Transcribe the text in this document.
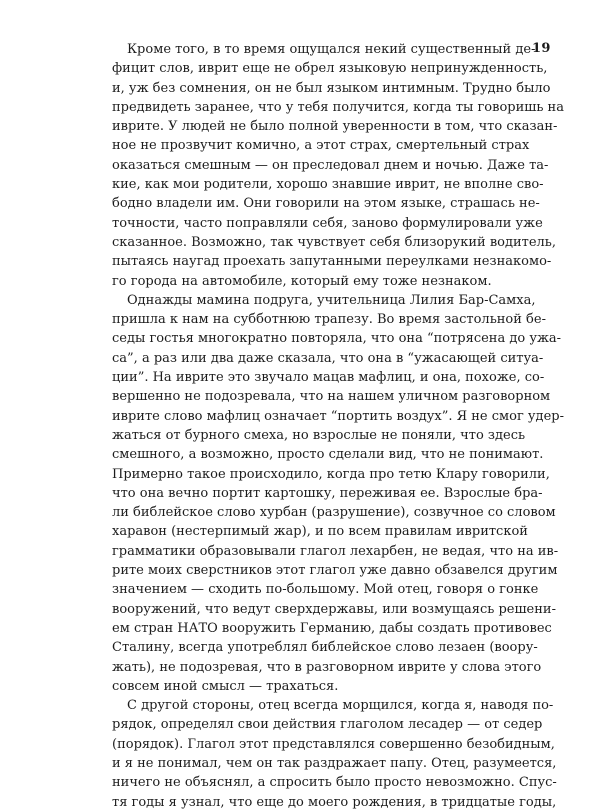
19
Кроме того, в то время ощущался некий существенный де-
фицит слов, иврит еще не обрел языковую непринужденность,
и, уж без сомнения, он не был языком интимным. Трудно было
предвидеть заранее, что у тебя получится, когда ты говоришь на
иврите. У людей не было полной уверенности в том, что сказан-
ное не прозвучит комично, а этот страх, смертельный страх
оказаться смешным — он преследовал днем и ночью. Даже та-
кие, как мои родители, хорошо знавшие иврит, не вполне сво-
бодно владели им. Они говорили на этом языке, страшась не-
точности, часто поправляли себя, заново формулировали уже
сказанное. Возможно, так чувствует себя близорукий водитель,
пытаясь наугад проехать запутанными переулками незнакомо-
го города на автомобиле, который ему тоже незнаком.
Однажды мамина подруга, учительница Лилия Бар-Самха,
пришла к нам на субботнюю трапезу. Во время застольной бе-
седы гостья многократно повторяла, что она “потрясена до ужа-
са”, а раз или два даже сказала, что она в “ужасающей ситуа-
ции”. На иврите это звучало мацав мафлиц, и она, похоже, со-
вершенно не подозревала, что на нашем уличном разговорном
иврите слово мафлиц означает “портить воздух”. Я не смог удер-
жаться от бурного смеха, но взрослые не поняли, что здесь
смешного, а возможно, просто сделали вид, что не понимают.
Примерно такое происходило, когда про тетю Клару говорили,
что она вечно портит картошку, переживая ее. Взрослые бра-
ли библейское слово хурбан (разрушение), созвучное со словом
харавон (нестерпимый жар), и по всем правилам ивритской
грамматики образовывали глагол лехарбен, не ведая, что на ив-
рите моих сверстников этот глагол уже давно обзавелся другим
значением — сходить по-большому. Мой отец, говоря о гонке
вооружений, что ведут сверхдержавы, или возмущаясь решени-
ем стран НАТО вооружить Германию, дабы создать противовес
Сталину, всегда употреблял библейское слово лезаен (воору-
жать), не подозревая, что в разговорном иврите у слова этого
совсем иной смысл — трахаться.
С другой стороны, отец всегда морщился, когда я, наводя по-
рядок, определял свои действия глаголом лесадер — от седер
(порядок). Глагол этот представлялся совершенно безобидным,
и я не понимал, чем он так раздражает папу. Отец, разумеется,
ничего не объяснял, а спросить было просто невозможно. Спус-
тя годы я узнал, что еще до моего рождения, в тридцатые годы,
